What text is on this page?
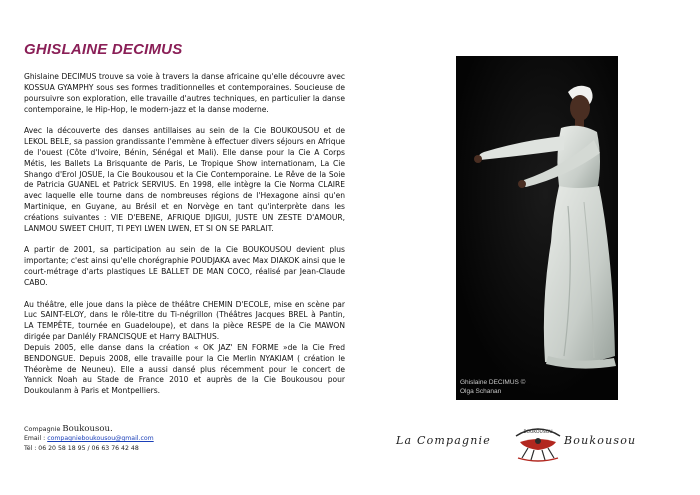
GHISLAINE DECIMUS

Ghislaine DECIMUS trouve sa voie à travers la danse africaine qu'elle découvre avec KOSSUA GYAMPHY sous ses formes traditionnelles et contemporaines. Soucieuse de poursuivre son exploration, elle travaille d'autres techniques, en particulier la danse contemporaine, le Hip-Hop, le modern-jazz et la danse moderne.

Avec la découverte des danses antillaises au sein de la Cie BOUKOUSOU et de LEKOL BELE, sa passion grandissante l'emmène à effectuer divers séjours en Afrique de l'ouest (Côte d'Ivoire, Bénin, Sénégal et Mali). Elle danse pour la Cie A Corps Métis, les Ballets La Brisquante de Paris, Le Tropique Show internationam, La Cie Shango d'Erol JOSUE, la Cie Boukousou et la Cie Contemporaine. Le Rêve de la Soie de Patricia GUANEL et Patrick SERVIUS. En 1998, elle intègre la Cie Norma CLAIRE avec laquelle elle tourne dans de nombreuses régions de l'Hexagone ainsi qu'en Martinique, en Guyane, au Brésil et en Norvège en tant qu'interprète dans les créations suivantes : VIE D'EBENE, AFRIQUE DJIGUI, JUSTE UN ZESTE D'AMOUR, LANMOU SWEET CHUIT, TI PEYI LWEN LWEN, ET SI ON SE PARLAIT.

A partir de 2001, sa participation au sein de la Cie BOUKOUSOU devient plus importante; c'est ainsi qu'elle chorégraphie POUDJAKA avec Max DIAKOK ainsi que le court-métrage d'arts plastiques LE BALLET DE MAN COCO, réalisé par Jean-Claude CABO.

Au théâtre, elle joue dans la pièce de théâtre CHEMIN D'ECOLE, mise en scène par Luc SAINT-ELOY, dans le rôle-titre du Ti-négrillon (Théâtres Jacques BREL à Pantin, LA TEMPÊTE, tournée en Guadeloupe), et dans la pièce RESPE de la Cie MAWON dirigée par Danlély FRANCISQUE et Harry BALTHUS.

Depuis 2005, elle danse dans la création « OK JAZ' EN FORME »de la Cie Fred BENDONGUE. Depuis 2008, elle travaille pour la Cie Merlin NYAKIAM ( création le Théorème de Neuneu). Elle a aussi dansé plus récemment pour le concert de Yannick Noah au Stade de France 2010 et auprès de la Cie Boukousou pour Doukoulanm à Paris et Montpelliers.

Ghislaine DECIMUS ©
Olga Schanan
Compagnie Boukousou.
Email : compagnieboukousou@gmail.com
Tél : 06 20 58 18 95 / 06 63 76 42 48
La Compagnie
BOUKOUSOU
Boukousou
